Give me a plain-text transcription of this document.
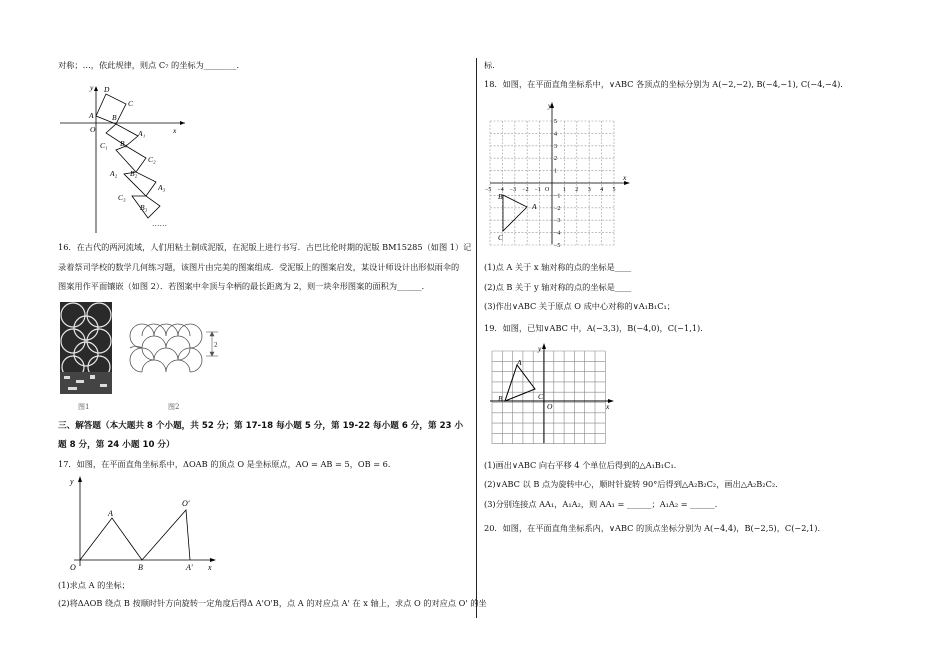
对称；…，依此规律，则点 C₇ 的坐标为________．
y D
C
A B
O	x
A₁
C₁ B₁
C₂
A₂ B₂
A₃
C₃
B₃
……
16．在古代的两河流域，人们用粘土制成泥版，在泥版上进行书写．古巴比伦时期的泥版 BM15285（如图 1）记
录着祭司学校的数学几何练习题，该图片由完美的图案组成．受泥版上的图案启发，某设计师设计出形似雨伞的
图案用作平面镶嵌（如图 2）．若图案中伞顶与伞柄的最长距离为 2，则一块伞形图案的面积为______．
图1
2
图2
三、解答题（本大题共 8 个小题，共 52 分；第 17-18 每小题 5 分，第 19-22 每小题 6 分，第 23 小
题 8 分，第 24 小题 10 分）
17．如图，在平面直角坐标系中，ΔOAB 的顶点 O 是坐标原点，AO = AB = 5，OB = 6．
y
A
O'
O	B	A' x
(1)求点 A 的坐标；
(2)将ΔAOB 绕点 B 按顺时针方向旋转一定角度后得Δ A'O'B，点 A 的对应点 A' 在 x 轴上，求点 O 的对应点 O' 的坐
标．
18．如图，在平面直角坐标系中，∨ABC 各顶点的坐标分别为 A(−2,−2), B(−4,−1), C(−4,−4)．
−5 −4 −3 −2 −1 O 1 2 3 4 5
5
4
3
2
1
−1
−2
−3
−4
−5
y
x
B
A
C
(1)点 A 关于 x 轴对称的点的坐标是____
(2)点 B 关于 y 轴对称的点的坐标是____
(3)作出∨ABC 关于原点 O 成中心对称的∨A₁B₁C₁；
19．如图，已知∨ABC 中，A(−3,3)，B(−4,0)，C(−1,1)．
y
x
A
B	C
O
(1)画出∨ABC 向右平移 4 个单位后得到的△A₁B₁C₁．
(2)∨ABC 以 B 点为旋转中心，顺时针旋转 90°后得到△A₂B₂C₂，画出△A₂B₂C₂．
(3)分别连接点 AA₁，A₁A₂，则 AA₁ = ______；A₁A₂ = ______．
20．如图，在平面直角坐标系内，∨ABC 的顶点坐标分别为 A(−4,4)，B(−2,5)，C(−2,1)．
